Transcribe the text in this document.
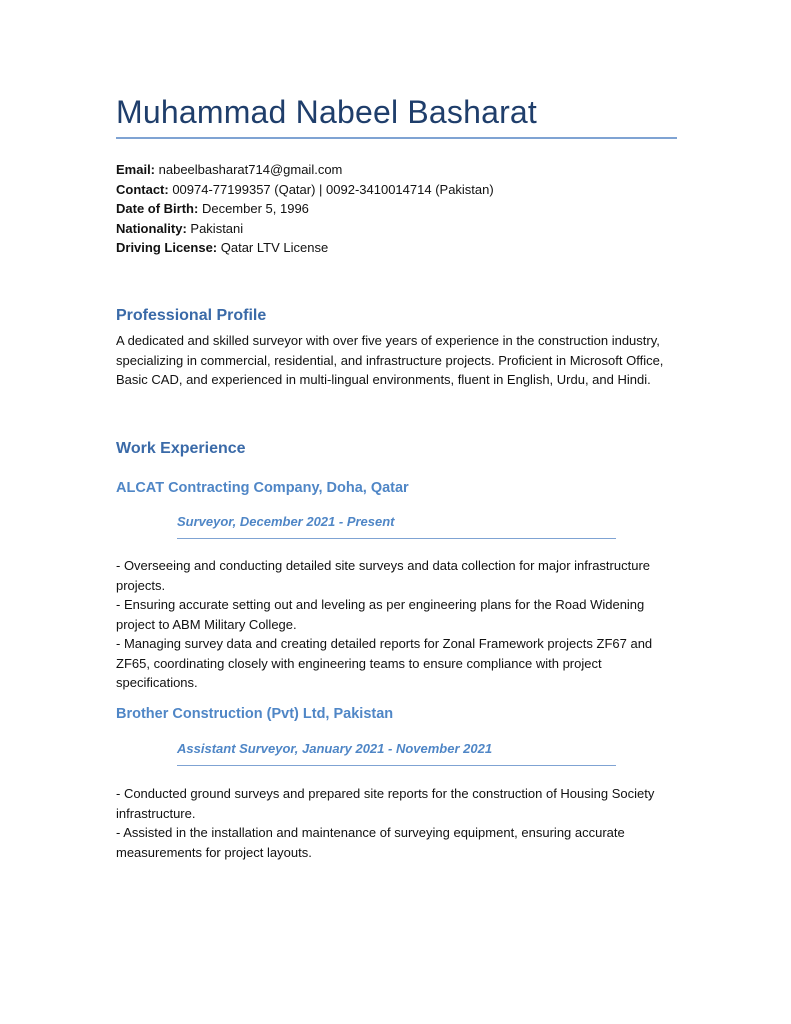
Muhammad Nabeel Basharat
Email: nabeelbasharat714@gmail.com
Contact: 00974-77199357 (Qatar) | 0092-3410014714 (Pakistan)
Date of Birth: December 5, 1996
Nationality: Pakistani
Driving License: Qatar LTV License
Professional Profile
A dedicated and skilled surveyor with over five years of experience in the construction industry, specializing in commercial, residential, and infrastructure projects. Proficient in Microsoft Office, Basic CAD, and experienced in multi-lingual environments, fluent in English, Urdu, and Hindi.
Work Experience
ALCAT Contracting Company, Doha, Qatar
Surveyor, December 2021 - Present
- Overseeing and conducting detailed site surveys and data collection for major infrastructure projects.
- Ensuring accurate setting out and leveling as per engineering plans for the Road Widening project to ABM Military College.
- Managing survey data and creating detailed reports for Zonal Framework projects ZF67 and ZF65, coordinating closely with engineering teams to ensure compliance with project specifications.
Brother Construction (Pvt) Ltd, Pakistan
Assistant Surveyor, January 2021 - November 2021
- Conducted ground surveys and prepared site reports for the construction of Housing Society infrastructure.
- Assisted in the installation and maintenance of surveying equipment, ensuring accurate measurements for project layouts.
